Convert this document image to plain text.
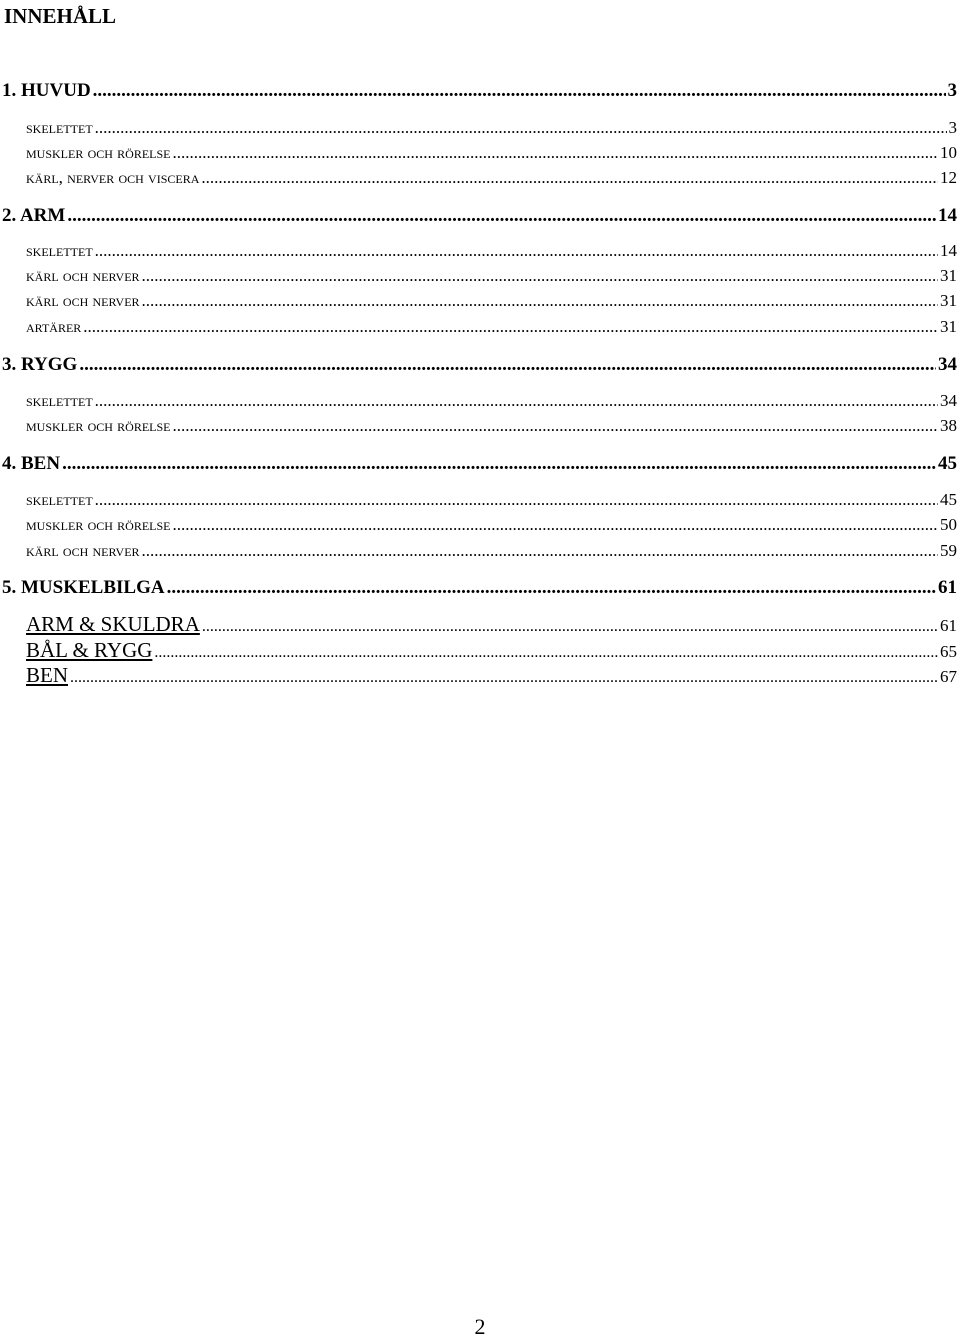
INNEHÅLL
1. HUVUD .....	3
skelettet .....	3
muskler och rörelse .....	10
kärl, nerver och viscera .....	12
2. ARM .....	14
skelettet .....	14
kärl och nerver .....	31
kärl och nerver .....	31
artärer .....	31
3. RYGG .....	34
skelettet .....	34
muskler och rörelse .....	38
4. BEN .....	45
skelettet .....	45
muskler och rörelse .....	50
kärl och nerver .....	59
5. MUSKELBILGA .....	61
ARM & SKULDRA .....	61
BÅL & RYGG .....	65
BEN .....	67
2
